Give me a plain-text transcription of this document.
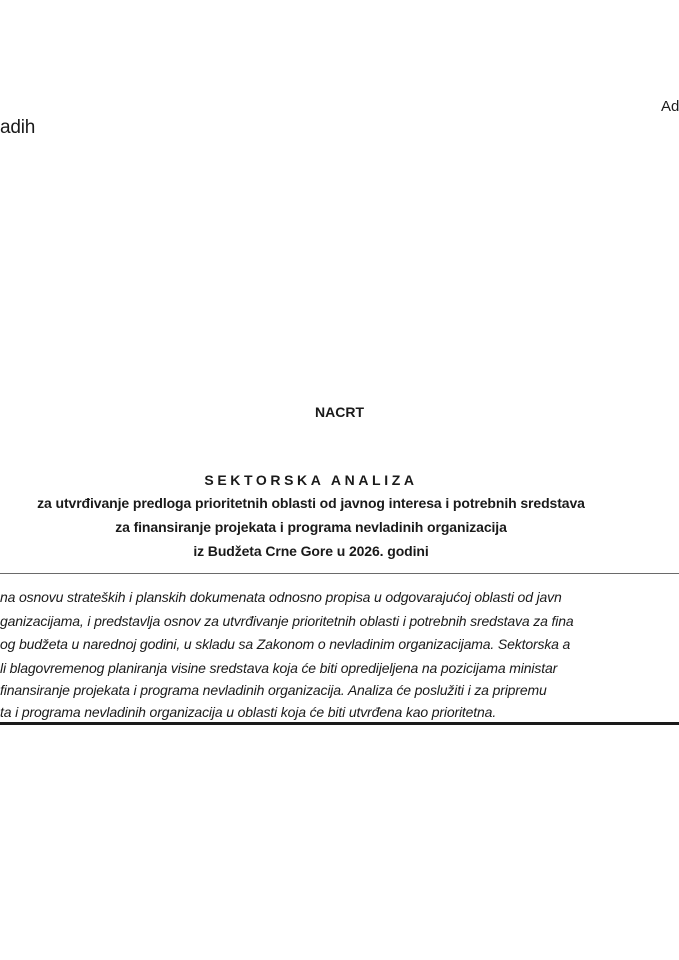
adih
Ad
NACRT
SEKTORSKA ANALIZA
za utvrđivanje predloga prioritetnih oblasti od javnog interesa i potrebnih sredstava
za finansiranje projekata i programa nevladinih organizacija
iz Budžeta Crne Gore u 2026. godini
na osnovu strateških i planskih dokumenata odnosno propisa u odgovarajućoj oblasti od javn
ganizacijama, i predstavlja osnov za utvrđivanje prioritetnih oblasti i potrebnih sredstava za fina
og budžeta u narednoj godini, u skladu sa Zakonom o nevladinim organizacijama. Sektorska a
li blagovremenog planiranja visine sredstava koja će biti opredijeljena na pozicijama ministar
finansiranje projekata i programa nevladinih organizacija. Analiza će poslužiti i za pripremu
ta i programa nevladinih organizacija u oblasti koja će biti utvrđena kao prioritetna.
